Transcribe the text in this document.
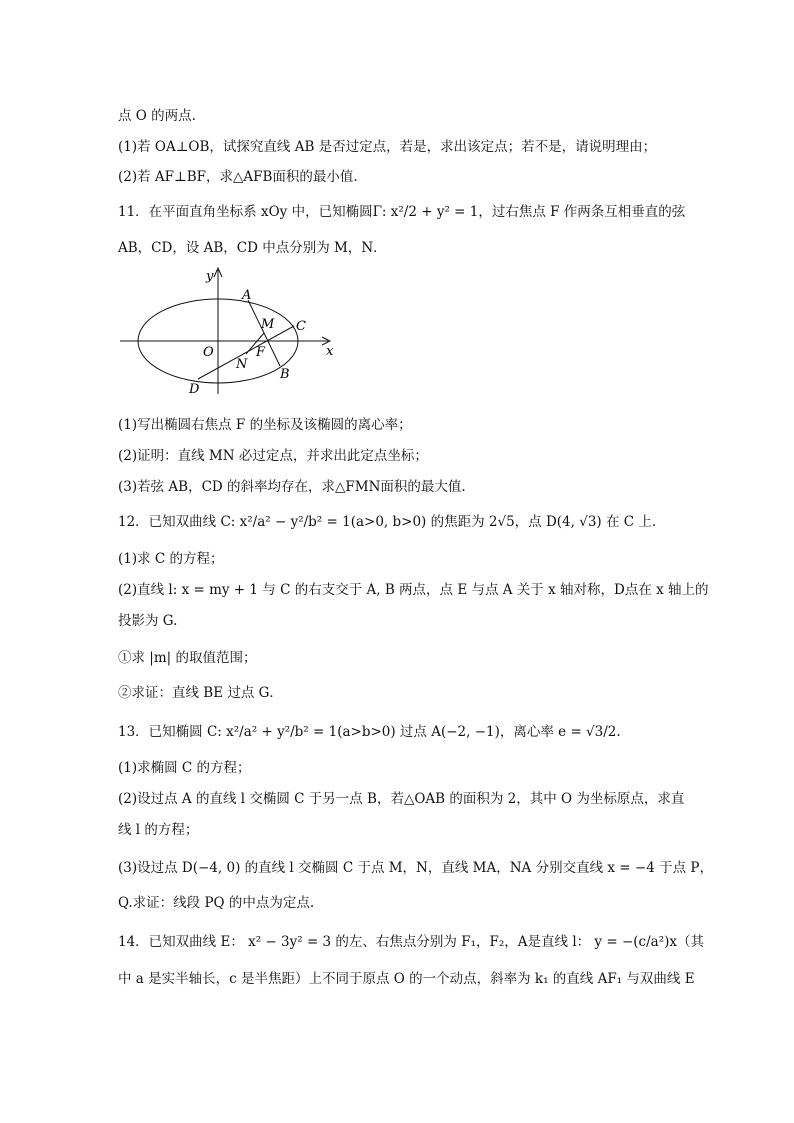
点 O 的两点.
(1)若 OA⊥OB，试探究直线 AB 是否过定点，若是，求出该定点；若不是，请说明理由；
(2)若 AF⊥BF，求△AFB面积的最小值.
11．在平面直角坐标系 xOy 中，已知椭圆Γ: x²/2 + y² = 1，过右焦点 F 作两条互相垂直的弦
AB，CD，设 AB，CD 中点分别为 M，N．
y
x
O
A
B
C
D
M
N
F
(1)写出椭圆右焦点 F 的坐标及该椭圆的离心率；
(2)证明：直线 MN 必过定点，并求出此定点坐标；
(3)若弦 AB，CD 的斜率均存在，求△FMN面积的最大值.
12．已知双曲线 C: x²/a² − y²/b² = 1(a>0, b>0) 的焦距为 2√5，点 D(4, √3) 在 C 上.
(1)求 C 的方程；
(2)直线 l: x = my + 1 与 C 的右支交于 A, B 两点，点 E 与点 A 关于 x 轴对称，D点在 x 轴上的
投影为 G.
①求 |m| 的取值范围；
②求证：直线 BE 过点 G．
13．已知椭圆 C: x²/a² + y²/b² = 1(a>b>0) 过点 A(−2, −1)，离心率 e = √3/2.
(1)求椭圆 C 的方程；
(2)设过点 A 的直线 l 交椭圆 C 于另一点 B，若△OAB 的面积为 2，其中 O 为坐标原点，求直
线 l 的方程；
(3)设过点 D(−4, 0) 的直线 l 交椭圆 C 于点 M，N，直线 MA，NA 分别交直线 x = −4 于点 P，
Q.求证：线段 PQ 的中点为定点.
14．已知双曲线 E： x² − 3y² = 3 的左、右焦点分别为 F₁，F₂，A是直线 l： y = −(c/a²)x（其
中 a 是实半轴长，c 是半焦距）上不同于原点 O 的一个动点，斜率为 k₁ 的直线 AF₁ 与双曲线 E
